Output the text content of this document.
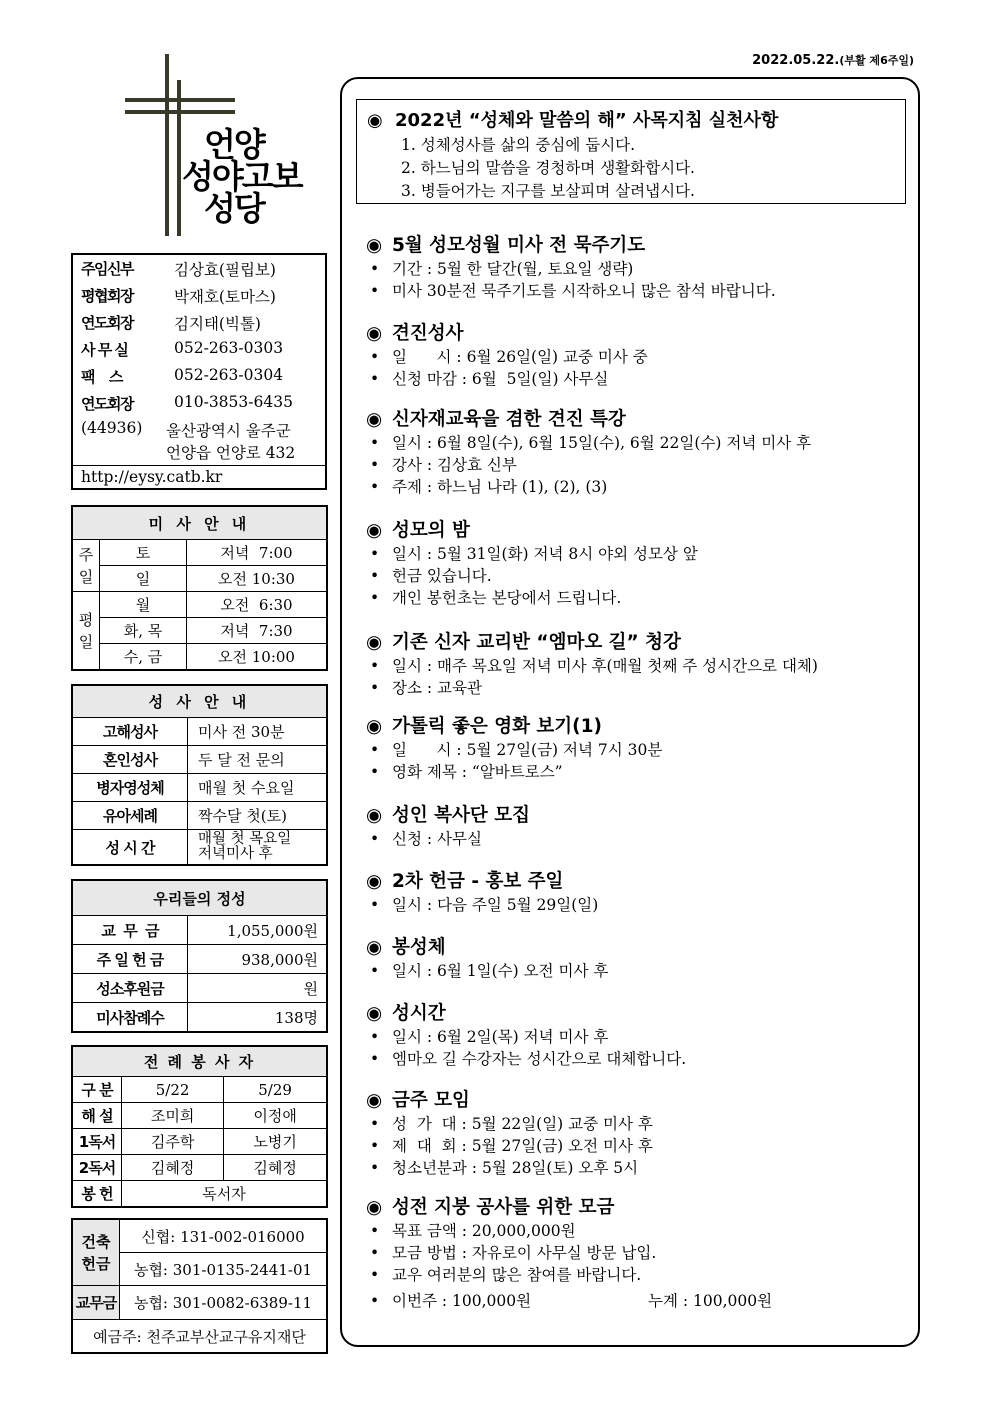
2022.05.22.(부활 제6주일)
언양
성야고보
성당
주임신부	김상효(필립보)
평협회장	박재호(토마스)
연도회장	김지태(빅톨)
사 무 실	052-263-0303
팩    스	052-263-0304
연도회장	010-3853-6435
(44936) 울산광역시 울주군
언양읍 언양로 432
http://eysy.catb.kr
미 사 안 내		
주
일	토	저녁  7:00
	일	오전 10:30
평
일	월	오전  6:30
	화, 목	저녁  7:30
	수, 금	오전 10:00
성 사 안 내	
고해성사	미사 전 30분
혼인성사	두 달 전 문의
병자영성체	매월 첫 수요일
유아세례	짝수달 첫(토)
성 시 간	매월 첫 목요일
저녁미사 후
우리들의 정성	
교  무  금	1,055,000원
주 일 헌 금	938,000원
성소후원금	원
미사참례수	138명
전 례 봉 사 자		
구 분	5/22	5/29
해 설	조미희	이정애
1독서	김주학	노병기
2독서	김혜정	김혜정
봉 헌	독서자	
건축
헌금	신협: 131-002-016000
	농협: 301-0135-2441-01
교무금	농협: 301-0082-6389-11
예금주: 천주교부산교구유지재단	
◉ 2022년 “성체와 말씀의 해” 사목지침 실천사항
1. 성체성사를 삶의 중심에 둡시다.
2. 하느님의 말씀을 경청하며 생활화합시다.
3. 병들어가는 지구를 보살피며 살려냅시다.
◉ 5월 성모성월 미사 전 묵주기도
• 기간 : 5월 한 달간(월, 토요일 생략)
• 미사 30분전 묵주기도를 시작하오니 많은 참석 바랍니다.
◉ 견진성사
• 일      시 : 6월 26일(일) 교중 미사 중
• 신청 마감 : 6월  5일(일) 사무실
◉ 신자재교육을 겸한 견진 특강
• 일시 : 6월 8일(수), 6월 15일(수), 6월 22일(수) 저녁 미사 후
• 강사 : 김상효 신부
• 주제 : 하느님 나라 (1), (2), (3)
◉ 성모의 밤
• 일시 : 5월 31일(화) 저녁 8시 야외 성모상 앞
• 헌금 있습니다.
• 개인 봉헌초는 본당에서 드립니다.
◉ 기존 신자 교리반 “엠마오 길” 청강
• 일시 : 매주 목요일 저녁 미사 후(매월 첫째 주 성시간으로 대체)
• 장소 : 교육관
◉ 가톨릭 좋은 영화 보기(1)
• 일      시 : 5월 27일(금) 저녁 7시 30분
• 영화 제목 : “알바트로스”
◉ 성인 복사단 모집
• 신청 : 사무실
◉ 2차 헌금 - 홍보 주일
• 일시 : 다음 주일 5월 29일(일)
◉ 봉성체
• 일시 : 6월 1일(수) 오전 미사 후
◉ 성시간
• 일시 : 6월 2일(목) 저녁 미사 후
• 엠마오 길 수강자는 성시간으로 대체합니다.
◉ 금주 모임
• 성  가  대 : 5월 22일(일) 교중 미사 후
• 제  대  회 : 5월 27일(금) 오전 미사 후
• 청소년분과 : 5월 28일(토) 오후 5시
◉ 성전 지붕 공사를 위한 모금
• 목표 금액 : 20,000,000원
• 모금 방법 : 자유로이 사무실 방문 납입.
• 교우 여러분의 많은 참여를 바랍니다.
• 이번주 : 100,000원	누계 : 100,000원
